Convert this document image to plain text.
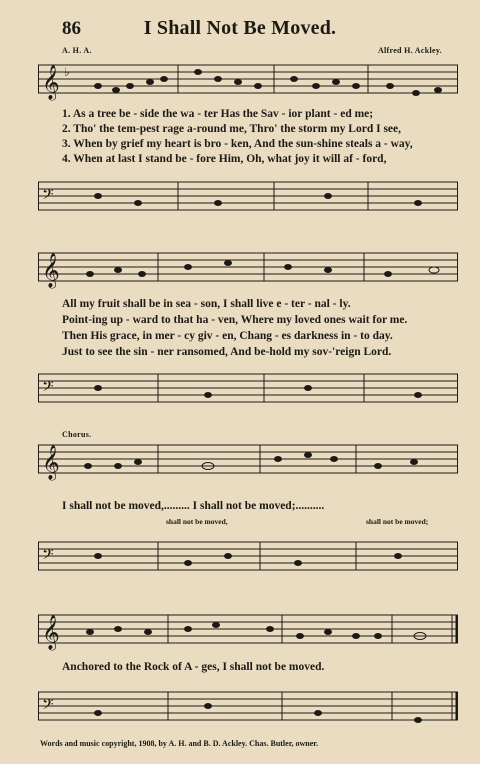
86	I Shall Not Be Moved.
A. H. A.	Alfred H. Ackley.
𝄞 ♭
1. As a tree be - side the wa - ter Has the Sav - ior plant - ed me;
2. Tho' the tem-pest rage a-round me, Thro' the storm my Lord I see,
3. When by grief my heart is bro - ken, And the sun-shine steals a - way,
4. When at last I stand be - fore Him, Oh, what joy it will af - ford,
𝄢
𝄞
All my fruit shall be in sea - son, I shall live e - ter - nal - ly.
Point-ing up - ward to that ha - ven, Where my loved ones wait for me.
Then His grace, in mer - cy giv - en, Chang - es darkness in - to day.
Just to see the sin - ner ransomed, And be-hold my sov-'reign Lord.
𝄢
Chorus.
𝄞
I shall not be moved,......... I shall not be moved;..........
shall not be moved,	shall not be moved;
𝄢
𝄞
Anchored to the Rock of A - ges, I shall not be moved.
𝄢
Words and music copyright, 1908, by A. H. and B. D. Ackley. Chas. Butler, owner.
